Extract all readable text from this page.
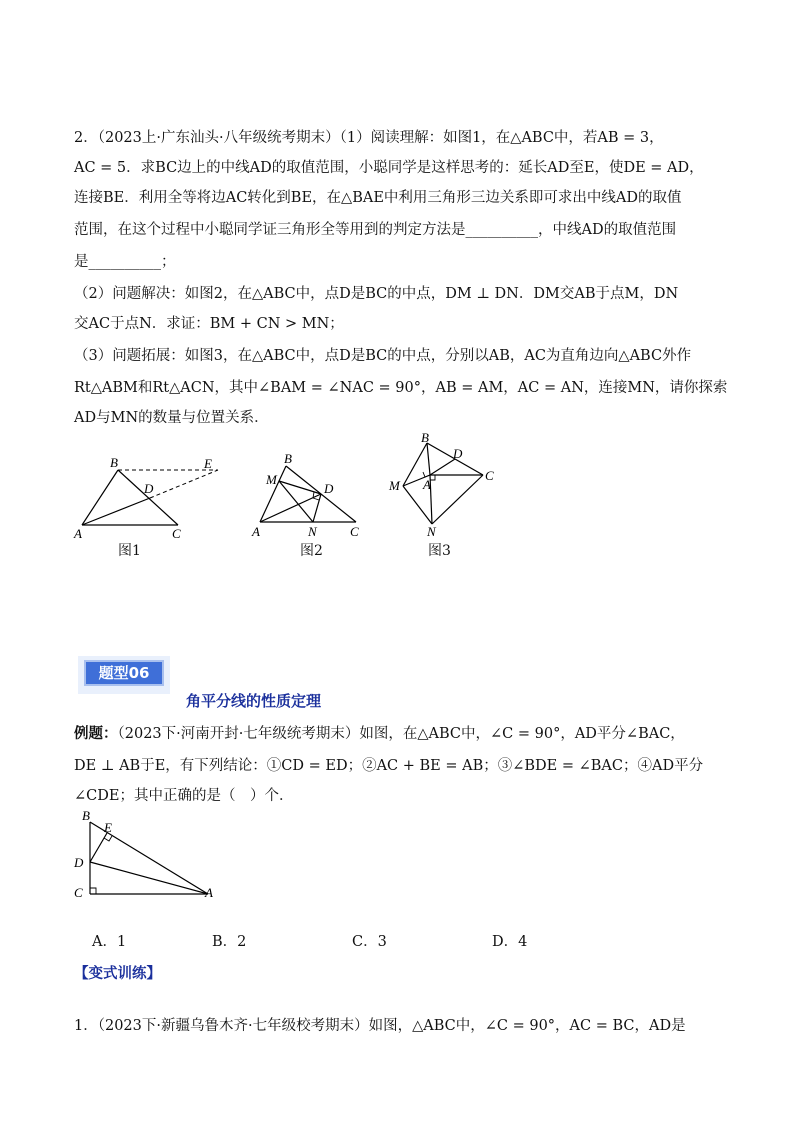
2．（2023上·广东汕头·八年级统考期末）（1）阅读理解：如图1，在△ABC中，若AB = 3，
AC = 5．求BC边上的中线AD的取值范围，小聪同学是这样思考的：延长AD至E，使DE = AD，
连接BE．利用全等将边AC转化到BE，在△BAE中利用三角形三边关系即可求出中线AD的取值
范围，在这个过程中小聪同学证三角形全等用到的判定方法是__________，中线AD的取值范围
是__________；
（2）问题解决：如图2，在△ABC中，点D是BC的中点，DM ⊥ DN．DM交AB于点M，DN
交AC于点N．求证：BM + CN > MN；
（3）问题拓展：如图3，在△ABC中，点D是BC的中点，分别以AB，AC为直角边向△ABC外作
Rt△ABM和Rt△ACN，其中∠BAM = ∠NAC = 90°，AB = AM，AC = AN，连接MN，请你探索
AD与MN的数量与位置关系．
A
B
C
D
E
图1
A
B
C
D
M
N
图2
B
D
C
A
M
N
图3
题型06
角平分线的性质定理
例题：（2023下·河南开封·七年级统考期末）如图，在△ABC中，∠C = 90°，AD平分∠BAC，
DE ⊥ AB于E，有下列结论：①CD = ED；②AC + BE = AB；③∠BDE = ∠BAC；④AD平分
∠CDE；其中正确的是（　）个．
B
E
D
C	A
A．1	B．2	C．3	D．4
【变式训练】
1．（2023下·新疆乌鲁木齐·七年级校考期末）如图，△ABC中，∠C = 90°，AC = BC，AD是
